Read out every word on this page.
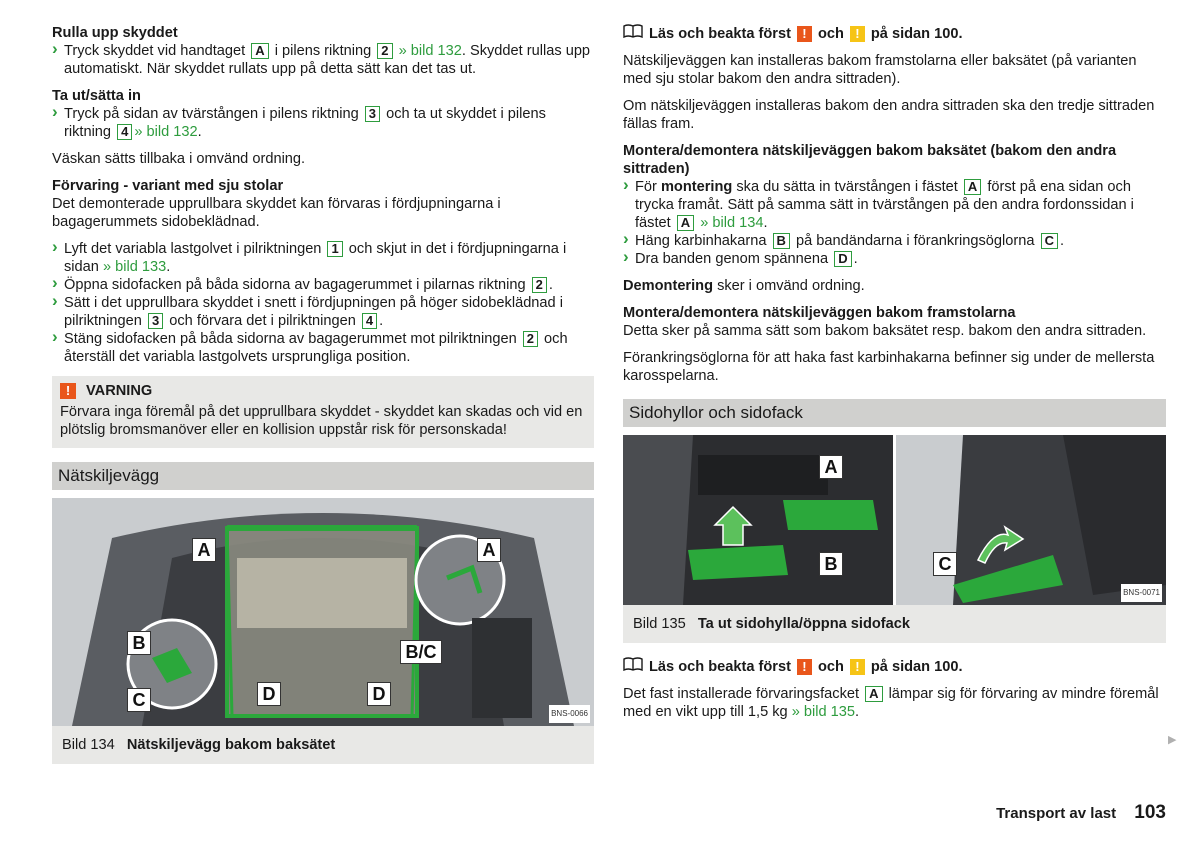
Rulla upp skyddet

› Tryck skyddet vid handtaget A i pilens riktning 2 » bild 132. Skyddet rullas upp automatiskt. När skyddet rullats upp på detta sätt kan det tas ut.

Ta ut/sätta in

› Tryck på sidan av tvärstången i pilens riktning 3 och ta ut skyddet i pilens riktning 4 » bild 132.

Väskan sätts tillbaka i omvänd ordning.

Förvaring - variant med sju stolar

Det demonterade upprullbara skyddet kan förvaras i fördjupningarna i bagagerummets sidobeklädnad.

› Lyft det variabla lastgolvet i pilriktningen 1 och skjut in det i fördjupningarna i sidan » bild 133.

› Öppna sidofacken på båda sidorna av bagagerummet i pilarnas riktning 2 .

› Sätt i det upprullbara skyddet i snett i fördjupningen på höger sidobeklädnad i pilriktningen 3 och förvara det i pilriktningen 4 .

› Stäng sidofacken på båda sidorna av bagagerummet mot pilriktningen 2 och återställ det variabla lastgolvets ursprungliga position.

!	VARNING
Förvara inga föremål på det upprullbara skyddet - skyddet kan skadas och vid en plötslig bromsmanöver eller en kollision uppstår risk för personskada!
Nätskiljevägg
A	A
B
C
B/C
D	D
BNS-0066
Bild 134 Nätskiljevägg bakom baksätet
Läs och beakta först ! och ! på sidan 100.

Nätskiljeväggen kan installeras bakom framstolarna eller baksätet (på varianten med sju stolar bakom den andra sittraden).

Om nätskiljeväggen installeras bakom den andra sittraden ska den tredje sittraden fällas fram.

Montera/demontera nätskiljeväggen bakom baksätet (bakom den andra sittraden)

› För montering ska du sätta in tvärstången i fästet A först på ena sidan och trycka framåt. Sätt på samma sätt in tvärstången på den andra fordonssidan i fästet A » bild 134.

› Häng karbinhakarna B på bandändarna i förankringsöglorna C .

› Dra banden genom spännena D .

Demontering sker i omvänd ordning.

Montera/demontera nätskiljeväggen bakom framstolarna

Detta sker på samma sätt som bakom baksätet resp. bakom den andra sittraden.

Förankringsöglorna för att haka fast karbinhakarna befinner sig under de mellersta karosspelarna.

Sidohyllor och sidofack
A
B	C
BNS-0071
Bild 135 Ta ut sidohylla/öppna sidofack
Läs och beakta först ! och ! på sidan 100.

Det fast installerade förvaringsfacket A lämpar sig för förvaring av mindre föremål med en vikt upp till 1,5 kg » bild 135.

▶
Transport av last 103
